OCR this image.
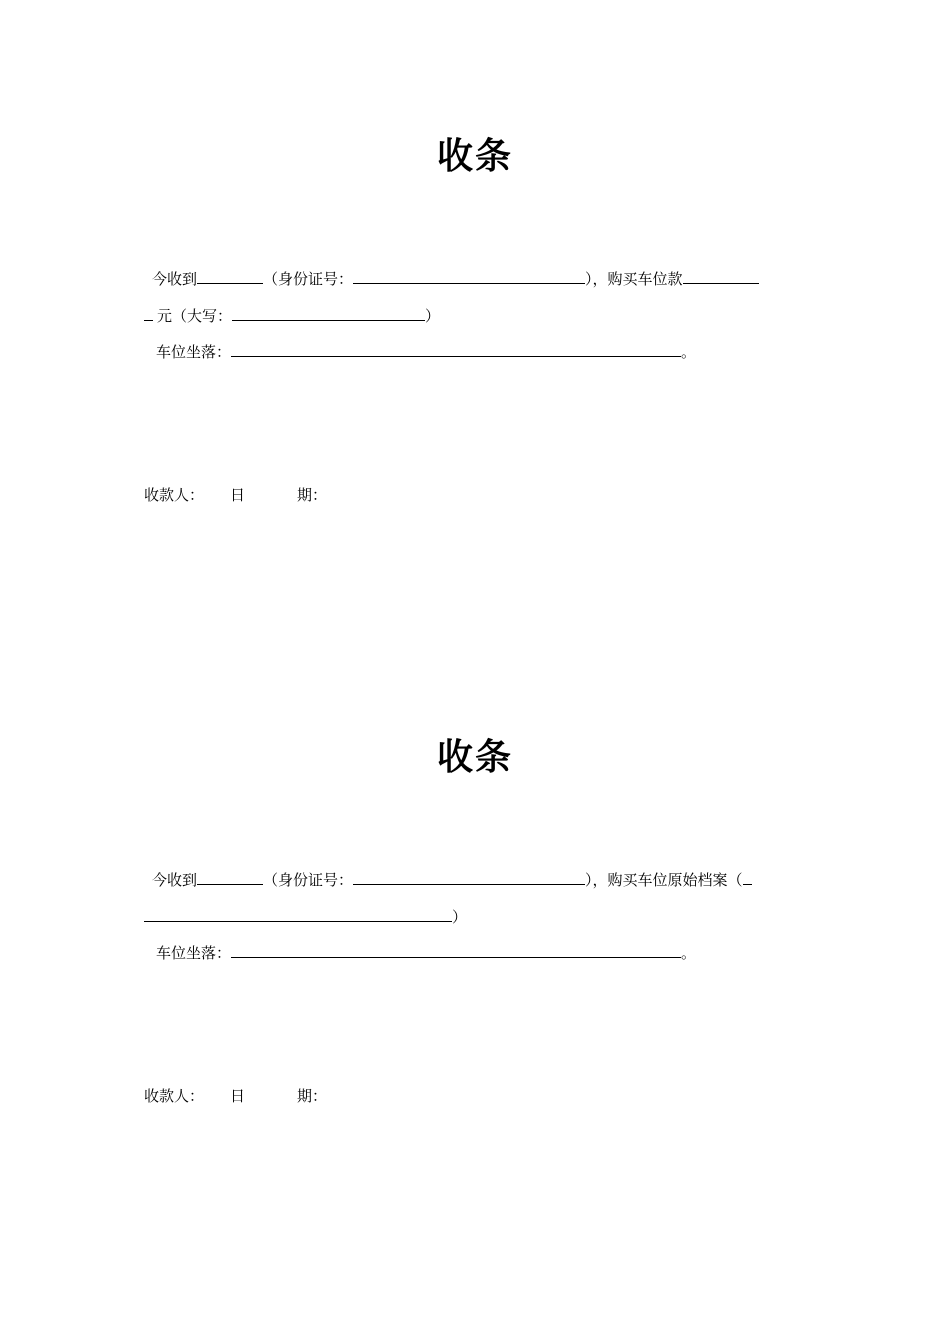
收条
今收到	（身份证号：	），购买车位款
元（大写：	）
车位坐落：	。
收款人： 日	期：
收条
今收到	（身份证号：	），购买车位原始档案（
）
车位坐落：	。
收款人： 日	期：
